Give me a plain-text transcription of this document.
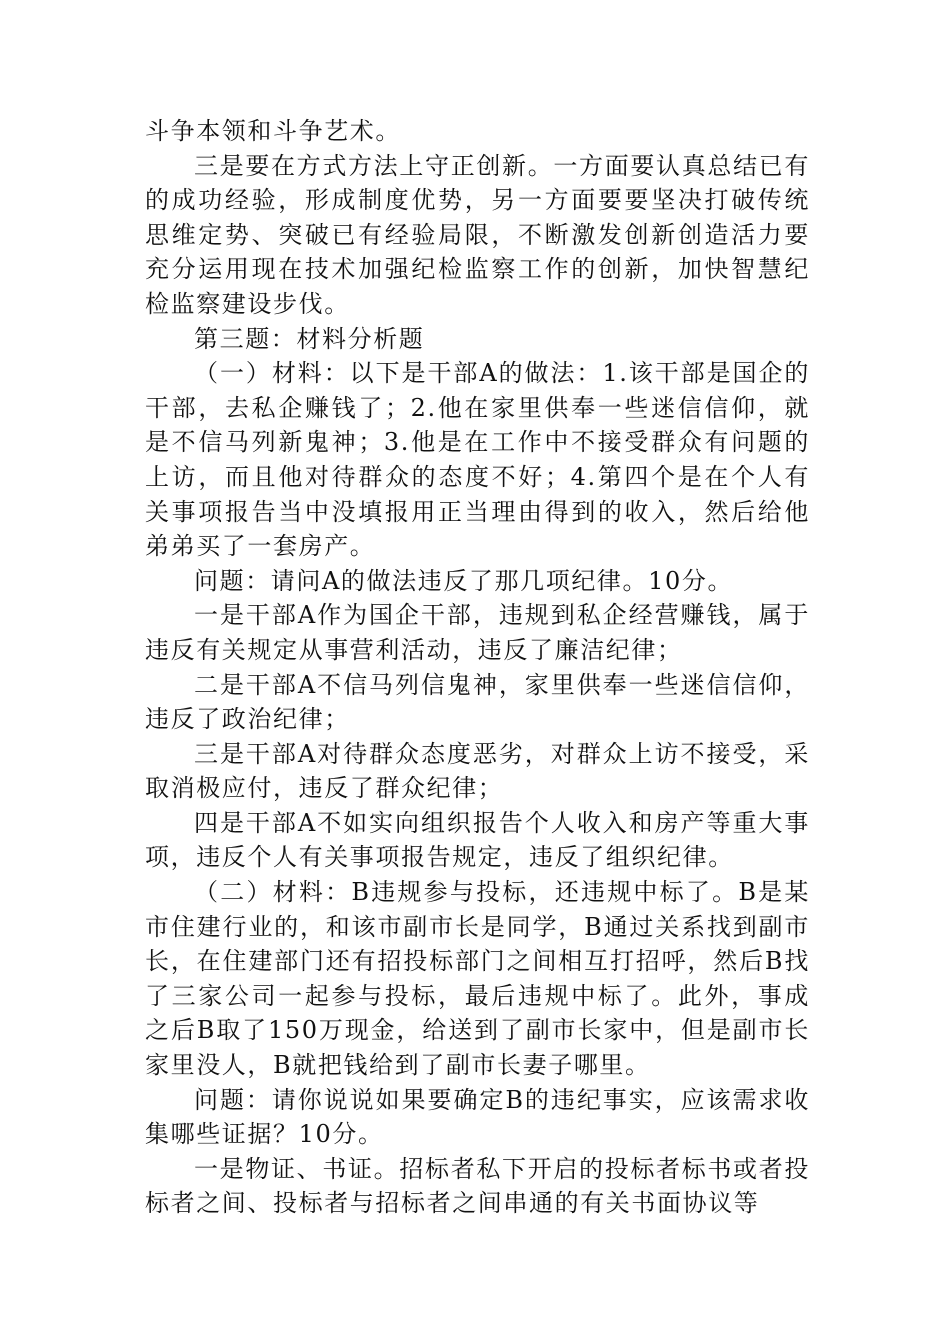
斗争本领和斗争艺术。

三是要在方式方法上守正创新。一方面要认真总结已有的成功经验，形成制度优势，另一方面要要坚决打破传统思维定势、突破已有经验局限，不断激发创新创造活力要充分运用现在技术加强纪检监察工作的创新，加快智慧纪检监察建设步伐。

第三题：材料分析题

（一）材料：以下是干部A的做法：1.该干部是国企的干部，去私企赚钱了；2.他在家里供奉一些迷信信仰，就是不信马列新鬼神；3.他是在工作中不接受群众有问题的上访，而且他对待群众的态度不好；4.第四个是在个人有关事项报告当中没填报用正当理由得到的收入，然后给他弟弟买了一套房产。

问题：请问A的做法违反了那几项纪律。10分。

一是干部A作为国企干部，违规到私企经营赚钱，属于违反有关规定从事营利活动，违反了廉洁纪律；

二是干部A不信马列信鬼神，家里供奉一些迷信信仰，违反了政治纪律；

三是干部A对待群众态度恶劣，对群众上访不接受，采取消极应付，违反了群众纪律；

四是干部A不如实向组织报告个人收入和房产等重大事项，违反个人有关事项报告规定，违反了组织纪律。

（二）材料：B违规参与投标，还违规中标了。B是某市住建行业的，和该市副市长是同学，B通过关系找到副市长，在住建部门还有招投标部门之间相互打招呼，然后B找了三家公司一起参与投标，最后违规中标了。此外，事成之后B取了150万现金，给送到了副市长家中，但是副市长家里没人，B就把钱给到了副市长妻子哪里。

问题：请你说说如果要确定B的违纪事实，应该需求收集哪些证据？10分。

一是物证、书证。招标者私下开启的投标者标书或者投标者之间、投标者与招标者之间串通的有关书面协议等
